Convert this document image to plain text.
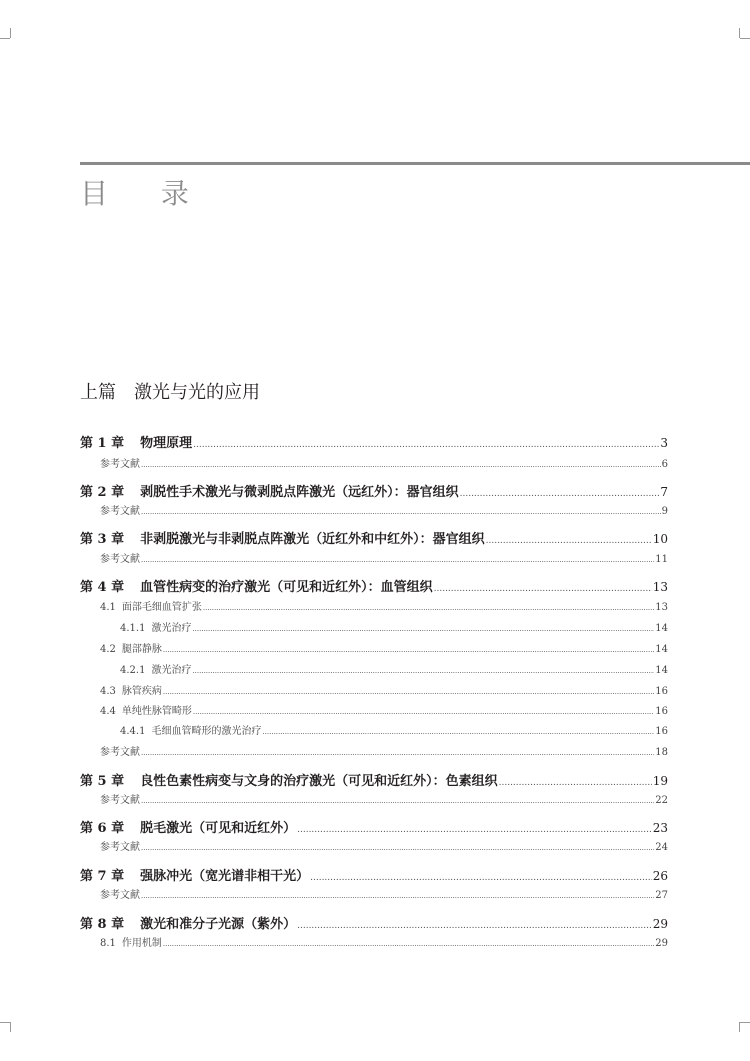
目 录
上篇 激光与光的应用
第 1 章 物理原理 .....	3
参考文献 .....	6
第 2 章 剥脱性手术激光与微剥脱点阵激光（远红外）：器官组织 .....	7
参考文献 .....	9
第 3 章 非剥脱激光与非剥脱点阵激光（近红外和中红外）：器官组织 .....	10
参考文献 .....	11
第 4 章 血管性病变的治疗激光（可见和近红外）：血管组织 .....	13
4.1 面部毛细血管扩张 .....	13
4.1.1 激光治疗 .....	14
4.2 腿部静脉 .....	14
4.2.1 激光治疗 .....	14
4.3 脉管疾病 .....	16
4.4 单纯性脉管畸形 .....	16
4.4.1 毛细血管畸形的激光治疗 .....	16
参考文献 .....	18
第 5 章 良性色素性病变与文身的治疗激光（可见和近红外）：色素组织 .....	19
参考文献 .....	22
第 6 章 脱毛激光（可见和近红外） .....	23
参考文献 .....	24
第 7 章 强脉冲光（宽光谱非相干光） .....	26
参考文献 .....	27
第 8 章 激光和准分子光源（紫外） .....	29
8.1 作用机制 .....	29
